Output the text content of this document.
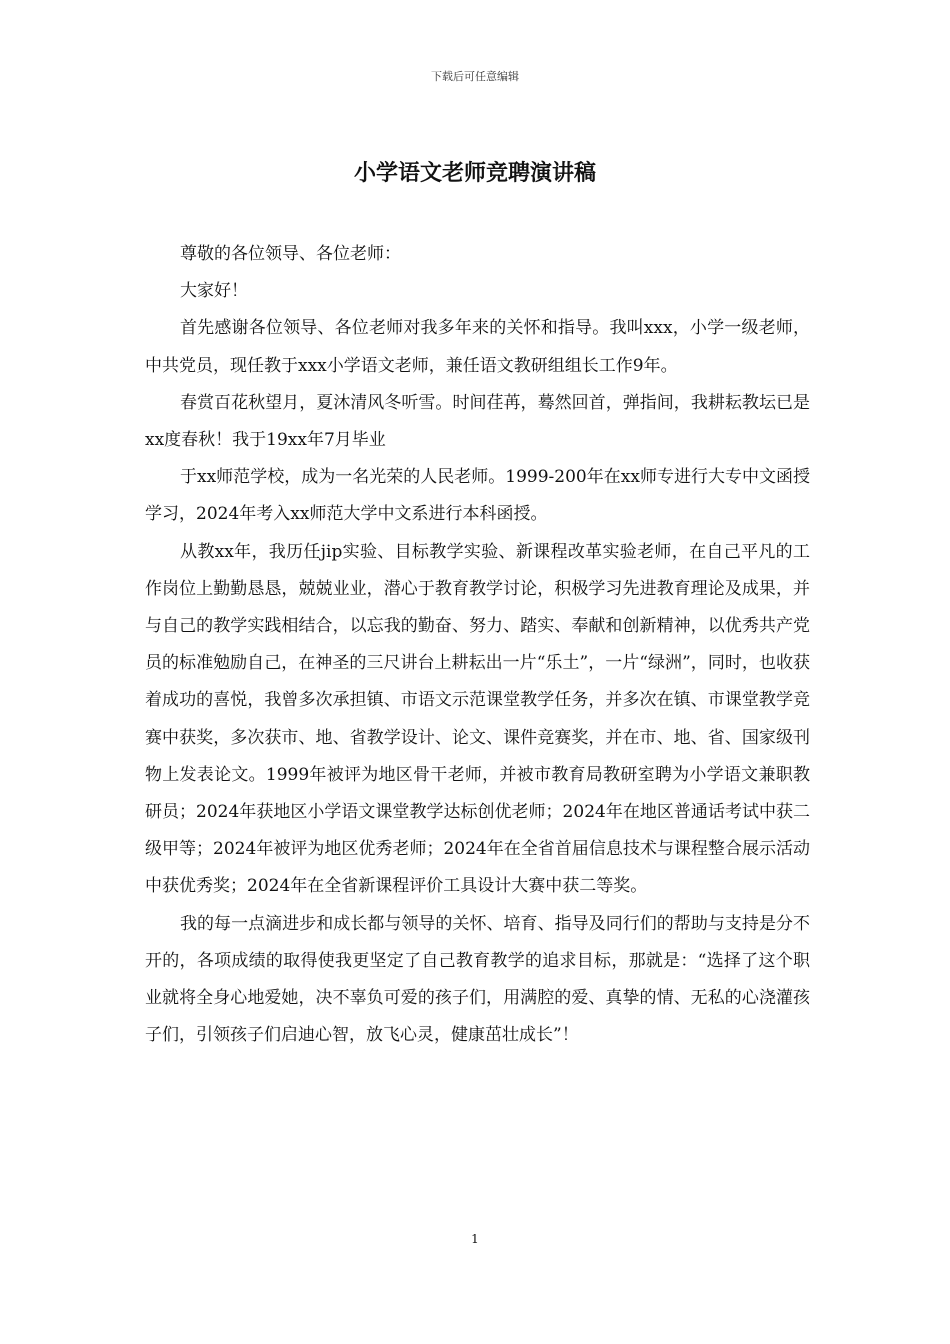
下载后可任意编辑
小学语文老师竞聘演讲稿

尊敬的各位领导、各位老师：

大家好！

首先感谢各位领导、各位老师对我多年来的关怀和指导。我叫xxx，小学一级老师，中共党员，现任教于xxx小学语文老师，兼任语文教研组组长工作9年。

春赏百花秋望月，夏沐清风冬听雪。时间荏苒，蓦然回首，弹指间，我耕耘教坛已是xx度春秋！我于19xx年7月毕业

于xx师范学校，成为一名光荣的人民老师。1999-200年在xx师专进行大专中文函授学习，2024年考入xx师范大学中文系进行本科函授。

从教xx年，我历任jip实验、目标教学实验、新课程改革实验老师，在自己平凡的工作岗位上勤勤恳恳，兢兢业业，潜心于教育教学讨论，积极学习先进教育理论及成果，并与自己的教学实践相结合，以忘我的勤奋、努力、踏实、奉献和创新精神，以优秀共产党员的标准勉励自己，在神圣的三尺讲台上耕耘出一片“乐土”，一片“绿洲”，同时，也收获着成功的喜悦，我曾多次承担镇、市语文示范课堂教学任务，并多次在镇、市课堂教学竞赛中获奖，多次获市、地、省教学设计、论文、课件竞赛奖，并在市、地、省、国家级刊物上发表论文。1999年被评为地区骨干老师，并被市教育局教研室聘为小学语文兼职教研员；2024年获地区小学语文课堂教学达标创优老师；2024年在地区普通话考试中获二级甲等；2024年被评为地区优秀老师；2024年在全省首届信息技术与课程整合展示活动中获优秀奖；2024年在全省新课程评价工具设计大赛中获二等奖。

我的每一点滴进步和成长都与领导的关怀、培育、指导及同行们的帮助与支持是分不开的，各项成绩的取得使我更坚定了自己教育教学的追求目标，那就是：“选择了这个职业就将全身心地爱她，决不辜负可爱的孩子们，用满腔的爱、真挚的情、无私的心浇灌孩子们，引领孩子们启迪心智，放飞心灵，健康茁壮成长”！

1
